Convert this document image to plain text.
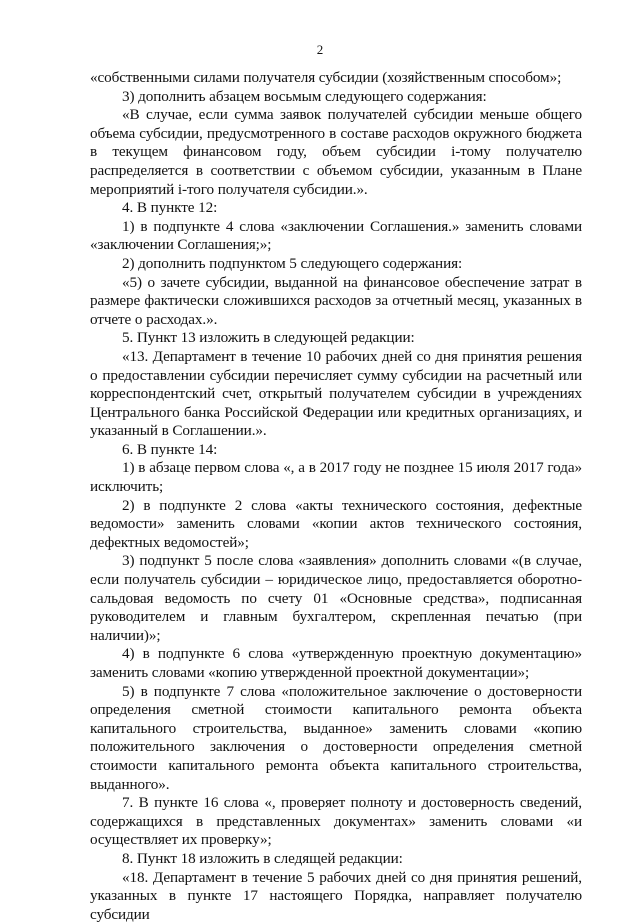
2

«собственными силами получателя субсидии (хозяйственным способом»;

3) дополнить абзацем восьмым следующего содержания:

«В случае, если сумма заявок получателей субсидии меньше общего объема субсидии, предусмотренного в составе расходов окружного бюджета в текущем финансовом году, объем субсидии i-тому получателю распределяется в соответствии с объемом субсидии, указанным в Плане мероприятий i-того получателя субсидии.».

4. В пункте 12:

1) в подпункте 4 слова «заключении Соглашения.» заменить словами «заключении Соглашения;»;

2) дополнить подпунктом 5 следующего содержания:

«5) о зачете субсидии, выданной на финансовое обеспечение затрат в размере фактически сложившихся расходов за отчетный месяц, указанных в отчете о расходах.».

5. Пункт 13 изложить в следующей редакции:

«13. Департамент в течение 10 рабочих дней со дня принятия решения о предоставлении субсидии перечисляет сумму субсидии на расчетный или корреспондентский счет, открытый получателем субсидии в учреждениях Центрального банка Российской Федерации или кредитных организациях, и указанный в Соглашении.».

6. В пункте 14:

1) в абзаце первом слова «, а в 2017 году не позднее 15 июля 2017 года» исключить;

2) в подпункте 2 слова «акты технического состояния, дефектные ведомости» заменить словами «копии актов технического состояния, дефектных ведомостей»;

3) подпункт 5 после слова «заявления» дополнить словами «(в случае, если получатель субсидии – юридическое лицо, предоставляется оборотно-сальдовая ведомость по счету 01 «Основные средства», подписанная руководителем и главным бухгалтером, скрепленная печатью (при наличии)»;

4) в подпункте 6 слова «утвержденную проектную документацию» заменить словами «копию утвержденной проектной документации»;

5) в подпункте 7 слова «положительное заключение о достоверности определения сметной стоимости капитального ремонта объекта капитального строительства, выданное» заменить словами «копию положительного заключения о достоверности определения сметной стоимости капитального ремонта объекта капитального строительства, выданного».

7. В пункте 16 слова «, проверяет полноту и достоверность сведений, содержащихся в представленных документах» заменить словами «и осуществляет их проверку»;

8. Пункт 18 изложить в следящей редакции:

«18. Департамент в течение 5 рабочих дней со дня принятия решений, указанных в пункте 17 настоящего Порядка, направляет получателю субсидии
